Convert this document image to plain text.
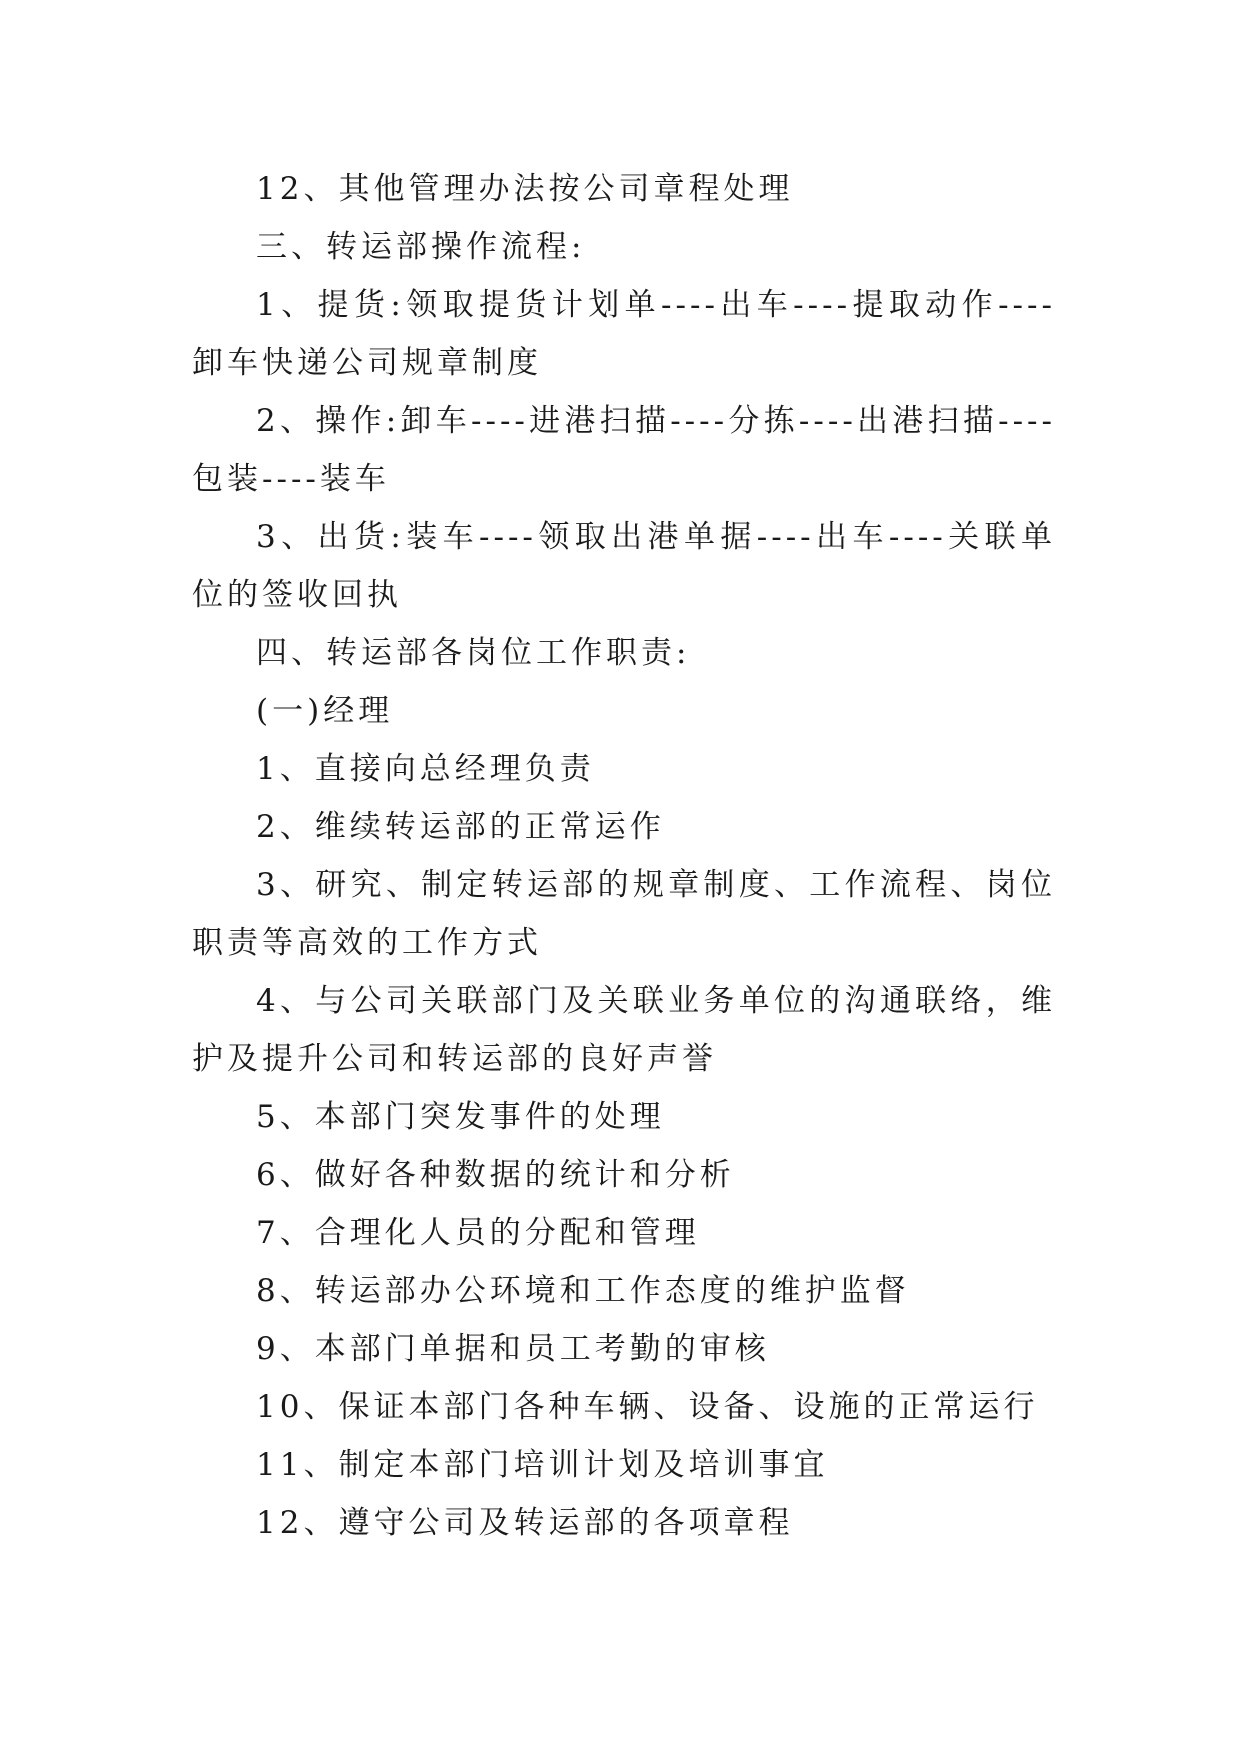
12、其他管理办法按公司章程处理

三、转运部操作流程:

1、提货:领取提货计划单----出车----提取动作----卸车快递公司规章制度

2、操作:卸车----进港扫描----分拣----出港扫描----包装----装车

3、出货:装车----领取出港单据----出车----关联单位的签收回执

四、转运部各岗位工作职责:

(一)经理

1、直接向总经理负责

2、维续转运部的正常运作

3、研究、制定转运部的规章制度、工作流程、岗位职责等高效的工作方式

4、与公司关联部门及关联业务单位的沟通联络，维护及提升公司和转运部的良好声誉

5、本部门突发事件的处理

6、做好各种数据的统计和分析

7、合理化人员的分配和管理

8、转运部办公环境和工作态度的维护监督

9、本部门单据和员工考勤的审核

10、保证本部门各种车辆、设备、设施的正常运行

11、制定本部门培训计划及培训事宜

12、遵守公司及转运部的各项章程
